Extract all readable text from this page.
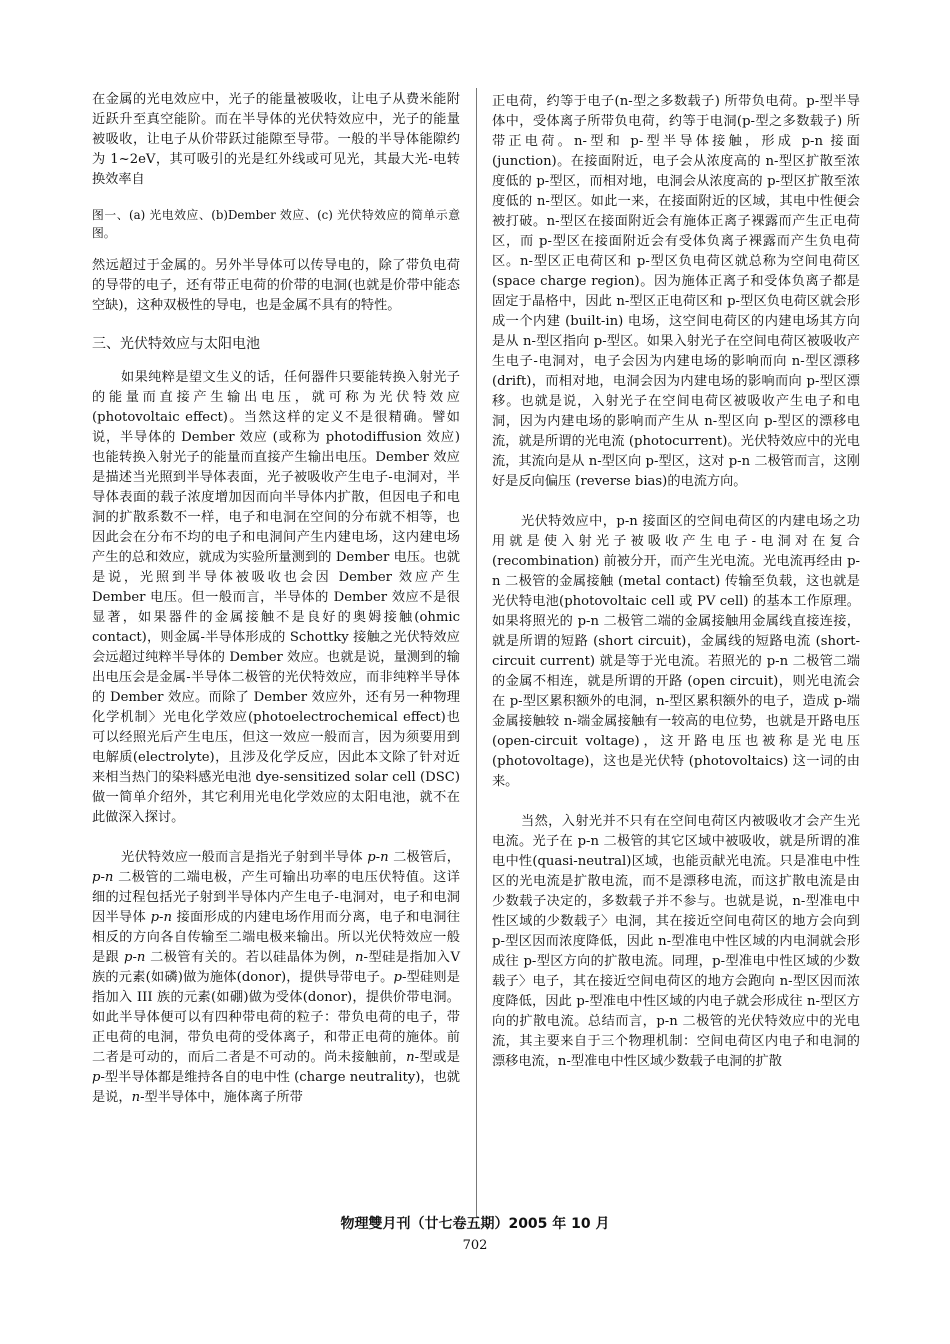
在金属的光电效应中，光子的能量被吸收，让电子从费米能附近跃升至真空能阶。而在半导体的光伏特效应中，光子的能量被吸收，让电子从价带跃过能隙至导带。一般的半导体能隙约为 1~2eV，其可吸引的光是红外线或可见光，其最大光-电转换效率自

图一、(a) 光电效应、(b)Dember 效应、(c) 光伏特效应的简单示意图。

然远超过于金属的。另外半导体可以传导电的，除了带负电荷的导带的电子，还有带正电荷的价带的电洞(也就是价带中能态空缺)，这种双极性的导电，也是金属不具有的特性。

三、光伏特效应与太阳电池

如果纯粹是望文生义的话，任何器件只要能转换入射光子的能量而直接产生输出电压，就可称为光伏特效应 (photovoltaic effect)。当然这样的定义不是很精确。譬如说，半导体的 Dember 效应 (或称为 photodiffusion 效应) 也能转换入射光子的能量而直接产生输出电压。Dember 效应是描述当光照到半导体表面，光子被吸收产生电子-电洞对，半导体表面的载子浓度增加因而向半导体内扩散，但因电子和电洞的扩散系数不一样，电子和电洞在空间的分布就不相等，也因此会在分布不均的电子和电洞间产生内建电场，这内建电场产生的总和效应，就成为实验所量测到的 Dember 电压。也就是说，光照到半导体被吸收也会因 Dember 效应产生 Dember 电压。但一般而言，半导体的 Dember 效应不是很显著，如果器件的金属接触不是良好的奥姆接触(ohmic contact)，则金属-半导体形成的 Schottky 接触之光伏特效应会远超过纯粹半导体的 Dember 效应。也就是说，量测到的输出电压会是金属-半导体二极管的光伏特效应，而非纯粹半导体的 Dember 效应。而除了 Dember 效应外，还有另一种物理化学机制〉光电化学效应(photoelectrochemical effect)也可以经照光后产生电压，但这一效应一般而言，因为须要用到电解质(electrolyte)，且涉及化学反应，因此本文除了针对近来相当热门的染料感光电池 dye-sensitized solar cell (DSC)做一简单介绍外，其它利用光电化学效应的太阳电池，就不在此做深入探讨。

光伏特效应一般而言是指光子射到半导体 p-n 二极管后，p-n 二极管的二端电极，产生可输出功率的电压伏特值。这详细的过程包括光子射到半导体内产生电子-电洞对，电子和电洞因半导体 p-n 接面形成的内建电场作用而分离，电子和电洞往相反的方向各自传输至二端电极来输出。所以光伏特效应一般是跟 p-n 二极管有关的。若以硅晶体为例，n-型硅是指加入Ⅴ族的元素(如磷)做为施体(donor)，提供导带电子。p-型硅则是指加入 III 族的元素(如硼)做为受体(donor)，提供价带电洞。如此半导体便可以有四种带电荷的粒子：带负电荷的电子，带正电荷的电洞，带负电荷的受体离子，和带正电荷的施体。前二者是可动的，而后二者是不可动的。尚未接触前，n-型或是 p-型半导体都是维持各自的电中性 (charge neutrality)，也就是说，n-型半导体中，施体离子所带

正电荷，约等于电子(n-型之多数载子) 所带负电荷。p-型半导体中，受体离子所带负电荷，约等于电洞(p-型之多数载子) 所带正电荷。n-型和 p-型半导体接触，形成 p-n 接面 (junction)。在接面附近，电子会从浓度高的 n-型区扩散至浓度低的 p-型区，而相对地，电洞会从浓度高的 p-型区扩散至浓度低的 n-型区。如此一来，在接面附近的区域，其电中性便会被打破。n-型区在接面附近会有施体正离子裸露而产生正电荷区，而 p-型区在接面附近会有受体负离子裸露而产生负电荷区。n-型区正电荷区和 p-型区负电荷区就总称为空间电荷区 (space charge region)。因为施体正离子和受体负离子都是固定于晶格中，因此 n-型区正电荷区和 p-型区负电荷区就会形成一个内建 (built-in) 电场，这空间电荷区的内建电场其方向是从 n-型区指向 p-型区。如果入射光子在空间电荷区被吸收产生电子-电洞对，电子会因为内建电场的影响而向 n-型区漂移 (drift)，而相对地，电洞会因为内建电场的影响而向 p-型区漂移。也就是说，入射光子在空间电荷区被吸收产生电子和电洞，因为内建电场的影响而产生从 n-型区向 p-型区的漂移电流，就是所谓的光电流 (photocurrent)。光伏特效应中的光电流，其流向是从 n-型区向 p-型区，这对 p-n 二极管而言，这刚好是反向偏压 (reverse bias)的电流方向。

光伏特效应中，p-n 接面区的空间电荷区的内建电场之功用就是使入射光子被吸收产生电子-电洞对在复合 (recombination) 前被分开，而产生光电流。光电流再经由 p-n 二极管的金属接触 (metal contact) 传输至负载，这也就是光伏特电池(photovoltaic cell 或 PV cell) 的基本工作原理。如果将照光的 p-n 二极管二端的金属接触用金属线直接连接，就是所谓的短路 (short circuit)，金属线的短路电流 (short-circuit current) 就是等于光电流。若照光的 p-n 二极管二端的金属不相连，就是所谓的开路 (open circuit)，则光电流会在 p-型区累积额外的电洞，n-型区累积额外的电子，造成 p-端金属接触较 n-端金属接触有一较高的电位势，也就是开路电压 (open-circuit voltage)，这开路电压也被称是光电压 (photovoltage)，这也是光伏特 (photovoltaics) 这一词的由来。

当然，入射光并不只有在空间电荷区内被吸收才会产生光电流。光子在 p-n 二极管的其它区域中被吸收，就是所谓的准电中性(quasi-neutral)区域，也能贡献光电流。只是准电中性区的光电流是扩散电流，而不是漂移电流，而这扩散电流是由少数载子决定的，多数载子并不参与。也就是说，n-型准电中性区域的少数载子〉电洞，其在接近空间电荷区的地方会向到 p-型区因而浓度降低，因此 n-型准电中性区域的内电洞就会形成往 p-型区方向的扩散电流。同理，p-型准电中性区域的少数载子〉电子，其在接近空间电荷区的地方会跑向 n-型区因而浓度降低，因此 p-型准电中性区域的内电子就会形成往 n-型区方向的扩散电流。总结而言，p-n 二极管的光伏特效应中的光电流，其主要来自于三个物理机制：空间电荷区内电子和电洞的漂移电流，n-型准电中性区域少数载子电洞的扩散

物理雙月刊（廿七卷五期）2005 年 10 月
702
